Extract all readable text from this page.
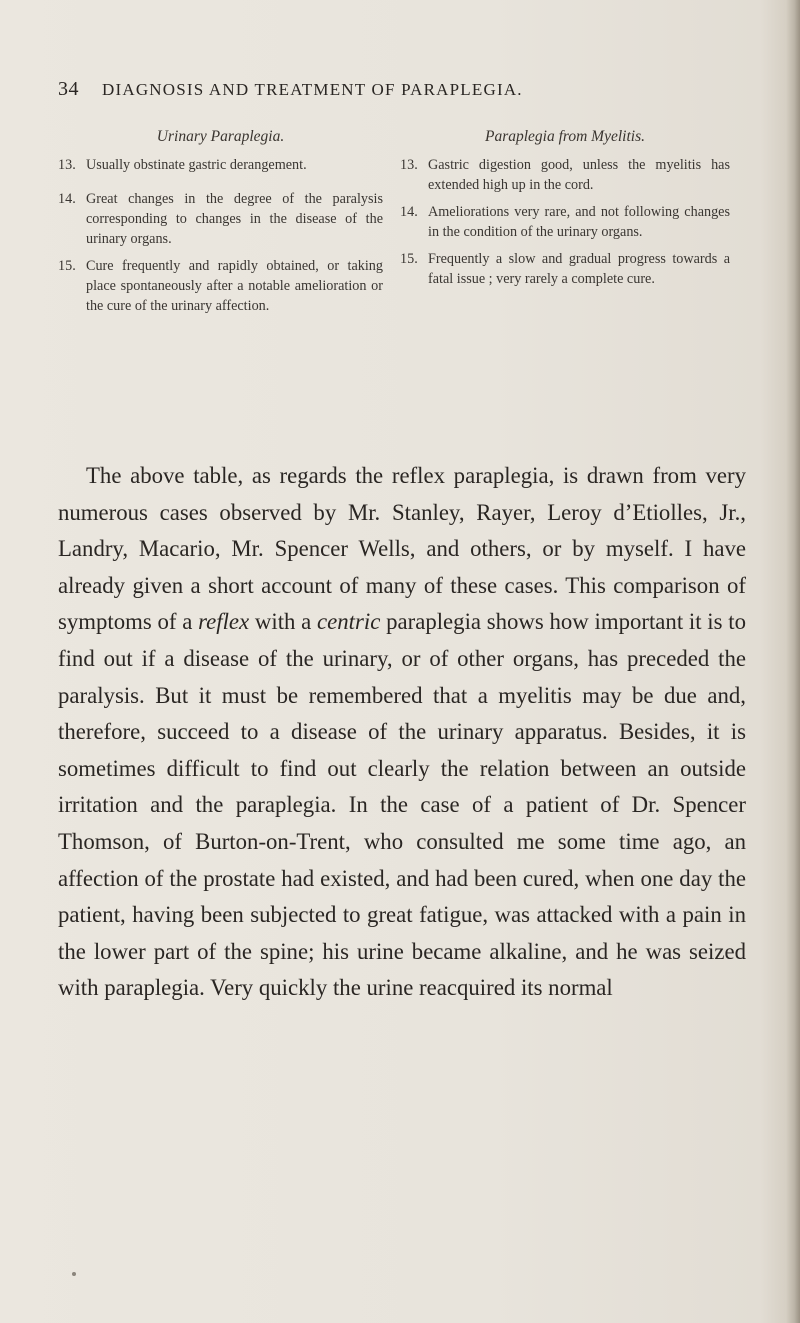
34 DIAGNOSIS AND TREATMENT OF PARAPLEGIA.
Urinary Paraplegia.
13. Usually obstinate gastric derangement.
14. Great changes in the degree of the paralysis corresponding to changes in the disease of the urinary organs.
15. Cure frequently and rapidly obtained, or taking place spontaneously after a notable amelioration or the cure of the urinary affection.
Paraplegia from Myelitis.
13. Gastric digestion good, unless the myelitis has extended high up in the cord.
14. Ameliorations very rare, and not following changes in the condition of the urinary organs.
15. Frequently a slow and gradual progress towards a fatal issue ; very rarely a complete cure.

The above table, as regards the reflex paraplegia, is drawn from very numerous cases observed by Mr. Stanley, Rayer, Leroy d’Etiolles, Jr., Landry, Macario, Mr. Spencer Wells, and others, or by myself. I have already given a short account of many of these cases. This comparison of symptoms of a reflex with a centric paraplegia shows how important it is to find out if a disease of the urinary, or of other organs, has preceded the paralysis. But it must be remembered that a myelitis may be due and, therefore, succeed to a disease of the urinary apparatus. Besides, it is sometimes difficult to find out clearly the relation between an outside irritation and the paraplegia. In the case of a patient of Dr. Spencer Thomson, of Burton-on-Trent, who consulted me some time ago, an affection of the prostate had existed, and had been cured, when one day the patient, having been subjected to great fatigue, was attacked with a pain in the lower part of the spine; his urine became alkaline, and he was seized with paraplegia. Very quickly the urine reacquired its normal
